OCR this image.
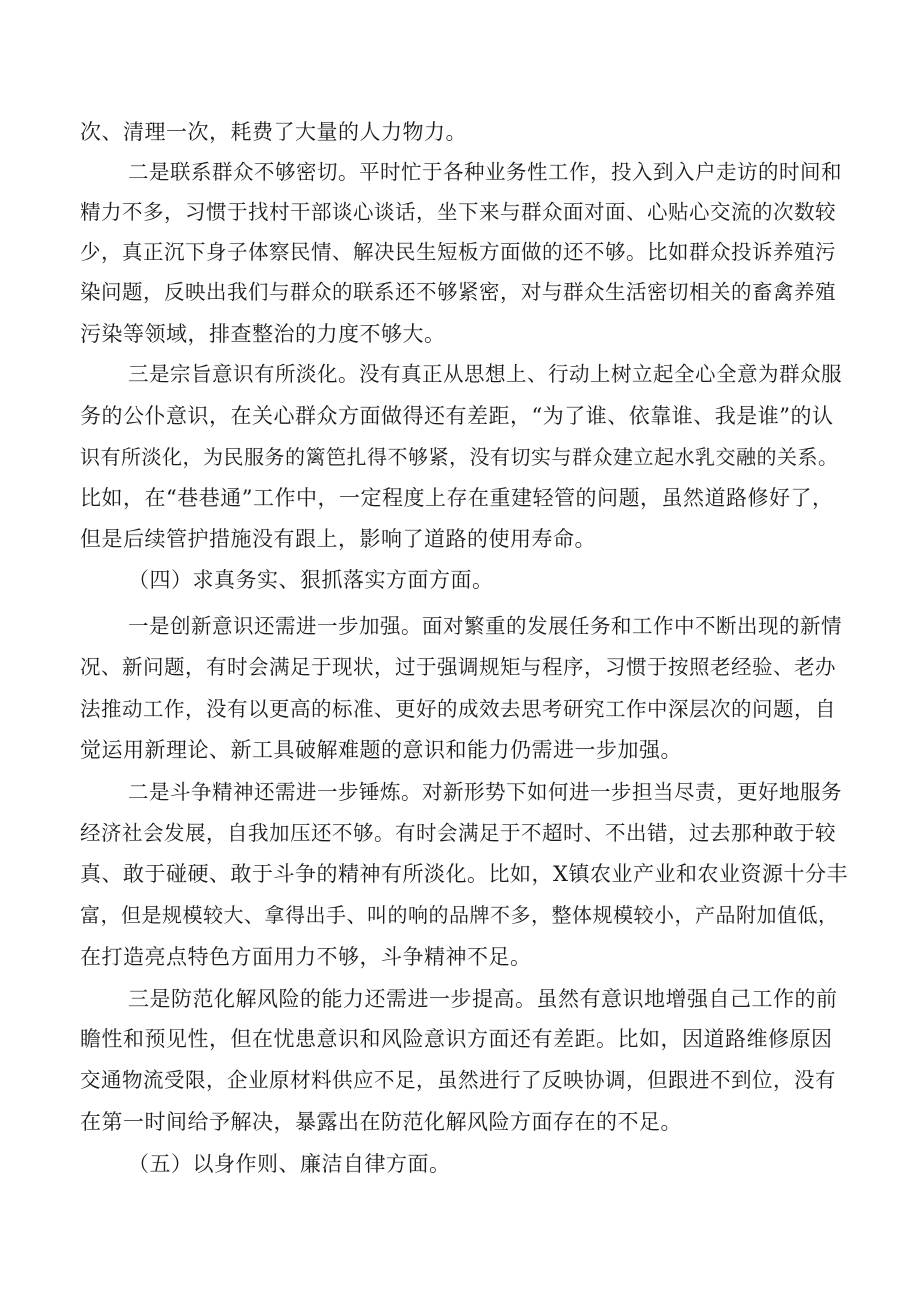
次、清理一次，耗费了大量的人力物力。
二是联系群众不够密切。平时忙于各种业务性工作，投入到入户走访的时间和
精力不多，习惯于找村干部谈心谈话，坐下来与群众面对面、心贴心交流的次数较
少，真正沉下身子体察民情、解决民生短板方面做的还不够。比如群众投诉养殖污
染问题，反映出我们与群众的联系还不够紧密，对与群众生活密切相关的畜禽养殖
污染等领域，排查整治的力度不够大。
三是宗旨意识有所淡化。没有真正从思想上、行动上树立起全心全意为群众服
务的公仆意识，在关心群众方面做得还有差距，“为了谁、依靠谁、我是谁”的认
识有所淡化，为民服务的篱笆扎得不够紧，没有切实与群众建立起水乳交融的关系。
比如，在“巷巷通”工作中，一定程度上存在重建轻管的问题，虽然道路修好了，
但是后续管护措施没有跟上，影响了道路的使用寿命。
（四）求真务实、狠抓落实方面方面。
一是创新意识还需进一步加强。面对繁重的发展任务和工作中不断出现的新情
况、新问题，有时会满足于现状，过于强调规矩与程序，习惯于按照老经验、老办
法推动工作，没有以更高的标准、更好的成效去思考研究工作中深层次的问题，自
觉运用新理论、新工具破解难题的意识和能力仍需进一步加强。
二是斗争精神还需进一步锤炼。对新形势下如何进一步担当尽责，更好地服务
经济社会发展，自我加压还不够。有时会满足于不超时、不出错，过去那种敢于较
真、敢于碰硬、敢于斗争的精神有所淡化。比如，X镇农业产业和农业资源十分丰
富，但是规模较大、拿得出手、叫的响的品牌不多，整体规模较小，产品附加值低，
在打造亮点特色方面用力不够，斗争精神不足。
三是防范化解风险的能力还需进一步提高。虽然有意识地增强自己工作的前
瞻性和预见性，但在忧患意识和风险意识方面还有差距。比如，因道路维修原因
交通物流受限，企业原材料供应不足，虽然进行了反映协调，但跟进不到位，没有
在第一时间给予解决，暴露出在防范化解风险方面存在的不足。
（五）以身作则、廉洁自律方面。
